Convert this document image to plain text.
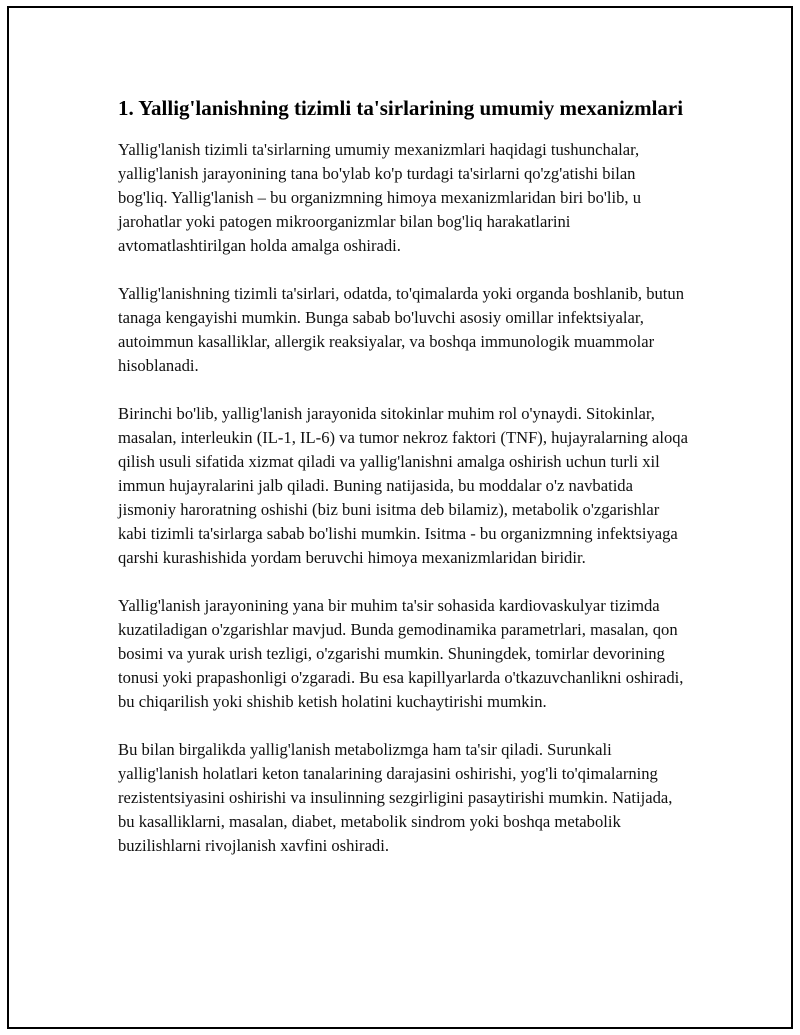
1. Yallig'lanishning tizimli ta'sirlarining umumiy mexanizmlari

Yallig'lanish tizimli ta'sirlarning umumiy mexanizmlari haqidagi tushunchalar, yallig'lanish jarayonining tana bo'ylab ko'p turdagi ta'sirlarni qo'zg'atishi bilan bog'liq. Yallig'lanish – bu organizmning himoya mexanizmlaridan biri bo'lib, u jarohatlar yoki patogen mikroorganizmlar bilan bog'liq harakatlarini avtomatlashtirilgan holda amalga oshiradi.

Yallig'lanishning tizimli ta'sirlari, odatda, to'qimalarda yoki organda boshlanib, butun tanaga kengayishi mumkin. Bunga sabab bo'luvchi asosiy omillar infektsiyalar, autoimmun kasalliklar, allergik reaksiyalar, va boshqa immunologik muammolar hisoblanadi.

Birinchi bo'lib, yallig'lanish jarayonida sitokinlar muhim rol o'ynaydi. Sitokinlar, masalan, interleukin (IL-1, IL-6) va tumor nekroz faktori (TNF), hujayralarning aloqa qilish usuli sifatida xizmat qiladi va yallig'lanishni amalga oshirish uchun turli xil immun hujayralarini jalb qiladi. Buning natijasida, bu moddalar o'z navbatida jismoniy haroratning oshishi (biz buni isitma deb bilamiz), metabolik o'zgarishlar kabi tizimli ta'sirlarga sabab bo'lishi mumkin. Isitma - bu organizmning infektsiyaga qarshi kurashishida yordam beruvchi himoya mexanizmlaridan biridir.

Yallig'lanish jarayonining yana bir muhim ta'sir sohasida kardiovaskulyar tizimda kuzatiladigan o'zgarishlar mavjud. Bunda gemodinamika parametrlari, masalan, qon bosimi va yurak urish tezligi, o'zgarishi mumkin. Shuningdek, tomirlar devorining tonusi yoki prapashonligi o'zgaradi. Bu esa kapillyarlarda o'tkazuvchanlikni oshiradi, bu chiqarilish yoki shishib ketish holatini kuchaytirishi mumkin.

Bu bilan birgalikda yallig'lanish metabolizmga ham ta'sir qiladi. Surunkali yallig'lanish holatlari keton tanalarining darajasini oshirishi, yog'li to'qimalarning rezistentsiyasini oshirishi va insulinning sezgirligini pasaytirishi mumkin. Natijada, bu kasalliklarni, masalan, diabet, metabolik sindrom yoki boshqa metabolik buzilishlarni rivojlanish xavfini oshiradi.
